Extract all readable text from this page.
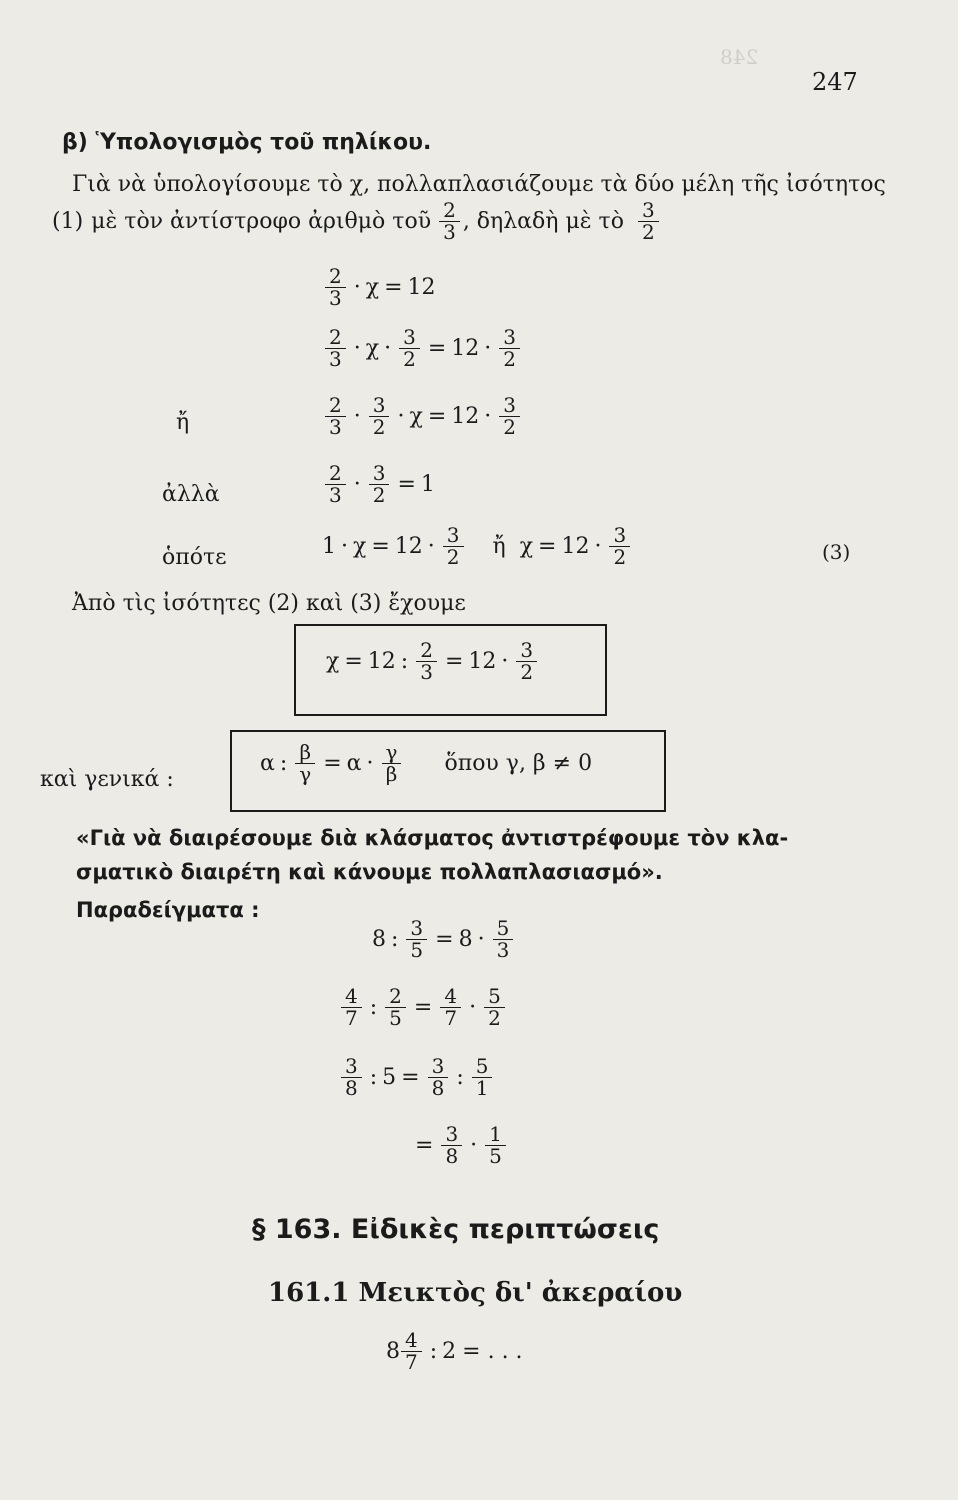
248
247
β) Ὑπολογισμὸς τοῦ πηλίκου.
Γιὰ νὰ ὑπολογίσουμε τὸ χ, πολλαπλασιάζουμε τὰ δύο μέλη τῆς ἰσότητος
(1) μὲ τὸν ἀντίστροφο ἀριθμὸ τοῦ $\frac{2}{3}$ , δηλαδὴ μὲ τὸ $\frac{3}{2}$
$\frac{2}{3} \cdot \chi = 12$
$\frac{2}{3} \cdot \chi \cdot \frac{3}{2} = 12 \cdot \frac{3}{2}$
ἤ	$\frac{2}{3} \cdot \frac{3}{2} \cdot \chi = 12 \cdot \frac{3}{2}$
ἀλλὰ	$\frac{2}{3} \cdot \frac{3}{2} = 1$
ὁπότε	$1 \cdot \chi = 12 \cdot \frac{3}{2}$ ἤ $\chi = 12 \cdot \frac{3}{2}$	(3)
Ἀπὸ τὶς ἰσότητες (2) καὶ (3) ἔχουμε
χ = 12 : $\frac{2}{3} = 12 \cdot \frac{3}{2}$
καὶ γενικά :
α : $\frac{\beta}{\gamma} = \alpha \cdot \frac{\gamma}{\beta}$ ὅπου γ, β ≠ 0
«Γιὰ νὰ διαιρέσουμε διὰ κλάσματος ἀντιστρέφουμε τὸν κλα-
σματικὸ διαιρέτη καὶ κάνουμε πολλαπλασιασμό».
Παραδείγματα :
8 : $\frac{3}{5} = 8 \cdot \frac{5}{3}$
$\frac{4}{7}$ : $\frac{2}{5} = \frac{4}{7} \cdot \frac{5}{2}$
$\frac{3}{8}$ : $5 = \frac{3}{8}$ : $\frac{5}{1}$
= $\frac{3}{8} \cdot \frac{1}{5}$
§ 163. Εἰδικὲς περιπτώσεις
161.1 Μεικτὸς δι' ἀκεραίου
$8 \frac{4}{7}$ : 2 = . . .
